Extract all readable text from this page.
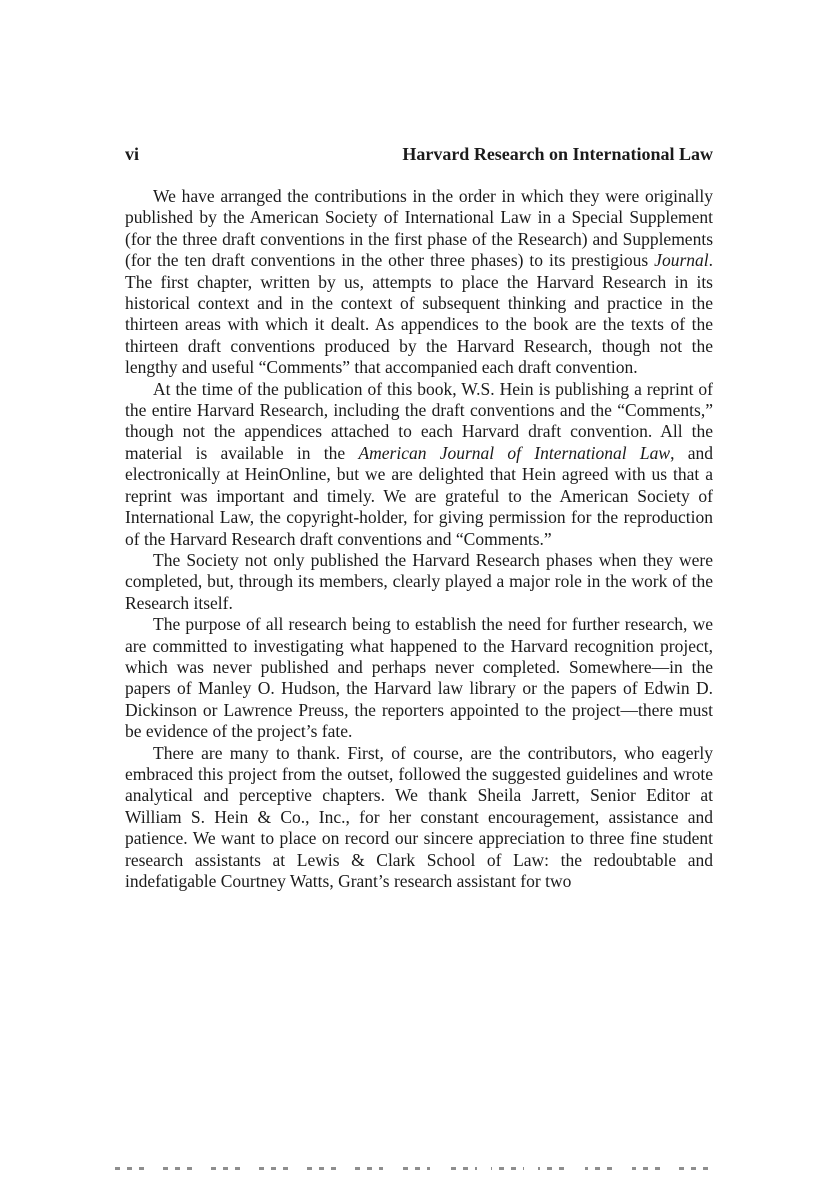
vi	Harvard Research on International Law

We have arranged the contributions in the order in which they were originally published by the American Society of International Law in a Special Supplement (for the three draft conventions in the first phase of the Research) and Supplements (for the ten draft conventions in the other three phases) to its prestigious Journal. The first chapter, written by us, attempts to place the Harvard Research in its historical context and in the context of subsequent thinking and practice in the thirteen areas with which it dealt. As appendices to the book are the texts of the thirteen draft conventions produced by the Harvard Research, though not the lengthy and useful “Comments” that accompanied each draft convention.

At the time of the publication of this book, W.S. Hein is publishing a reprint of the entire Harvard Research, including the draft conventions and the “Comments,” though not the appendices attached to each Harvard draft convention. All the material is available in the American Journal of International Law, and electronically at HeinOnline, but we are delighted that Hein agreed with us that a reprint was important and timely. We are grateful to the American Society of International Law, the copyright-holder, for giving permission for the reproduction of the Harvard Research draft conventions and “Comments.”

The Society not only published the Harvard Research phases when they were completed, but, through its members, clearly played a major role in the work of the Research itself.

The purpose of all research being to establish the need for further research, we are committed to investigating what happened to the Harvard recognition project, which was never published and perhaps never completed. Somewhere—in the papers of Manley O. Hudson, the Harvard law library or the papers of Edwin D. Dickinson or Lawrence Preuss, the reporters appointed to the project—there must be evidence of the project’s fate.

There are many to thank. First, of course, are the contributors, who eagerly embraced this project from the outset, followed the suggested guidelines and wrote analytical and perceptive chapters. We thank Sheila Jarrett, Senior Editor at William S. Hein & Co., Inc., for her constant encouragement, assistance and patience. We want to place on record our sincere appreciation to three fine student research assistants at Lewis & Clark School of Law: the redoubtable and indefatigable Courtney Watts, Grant’s research assistant for two
